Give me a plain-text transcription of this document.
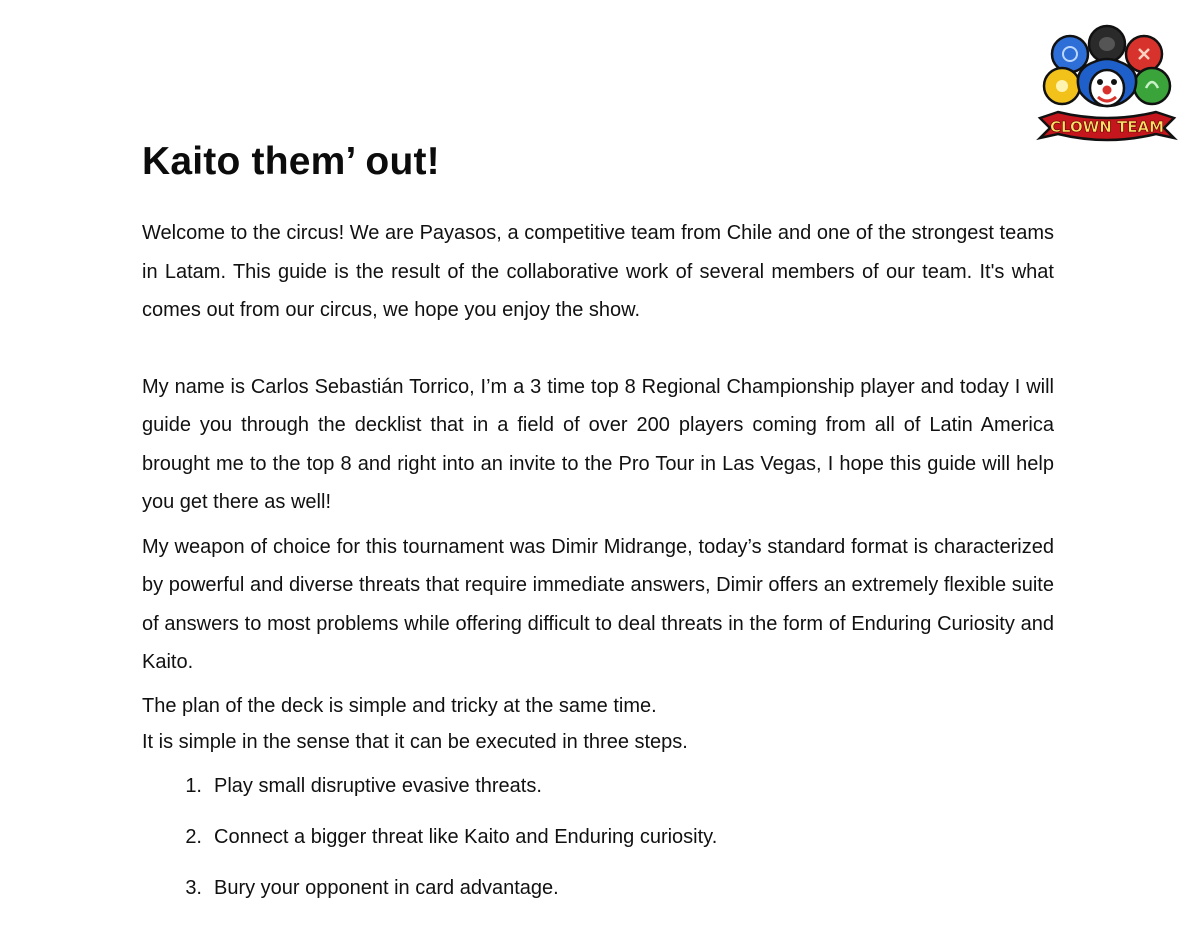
CLOWN TEAM
Kaito them’ out!

Welcome to the circus! We are Payasos, a competitive team from Chile and one of the strongest teams in Latam. This guide is the result of the collaborative work of several members of our team. It's what comes out from our circus, we hope you enjoy the show.

My name is Carlos Sebastián Torrico, I’m a 3 time top 8 Regional Championship player and today I will guide you through the decklist that in a field of over 200 players coming from all of Latin America brought me to the top 8 and right into an invite to the Pro Tour in Las Vegas, I hope this guide will help you get there as well!

My weapon of choice for this tournament was Dimir Midrange, today’s standard format is characterized by powerful and diverse threats that require immediate answers, Dimir offers an extremely flexible suite of answers to most problems while offering difficult to deal threats in the form of Enduring Curiosity and Kaito.

The plan of the deck is simple and tricky at the same time.
It is simple in the sense that it can be executed in three steps.

1. Play small disruptive evasive threats.
2. Connect a bigger threat like Kaito and Enduring curiosity.
3. Bury your opponent in card advantage.
